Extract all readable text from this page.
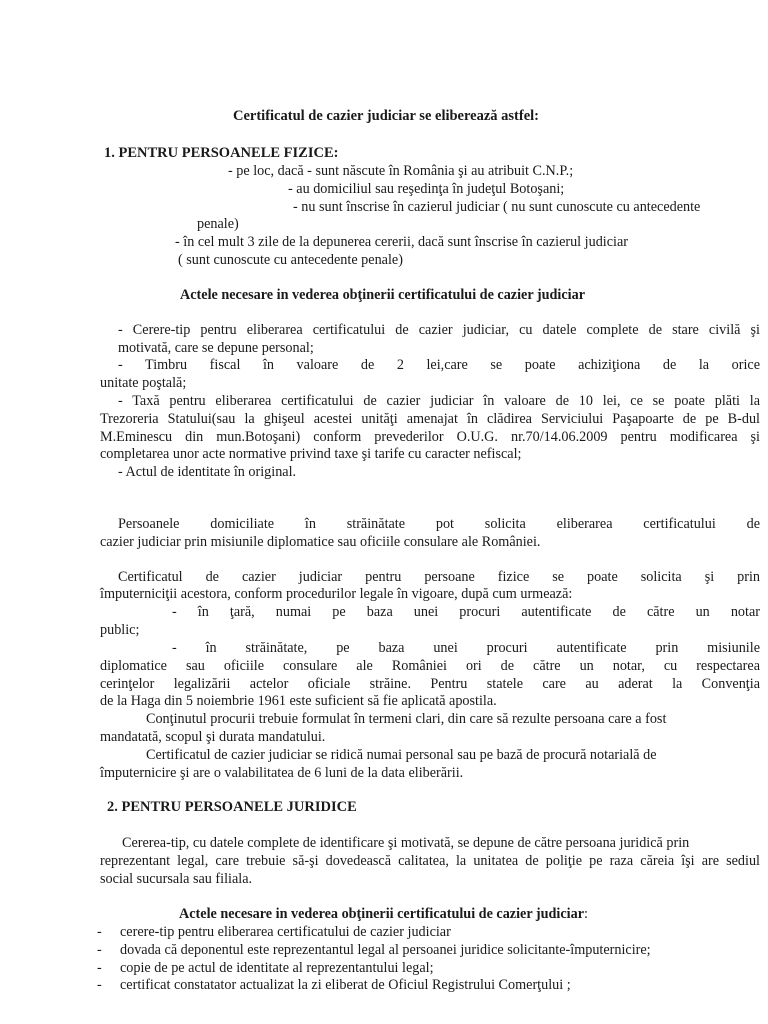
Certificatul de cazier judiciar se eliberează astfel:
1. PENTRU PERSOANELE FIZICE:
- pe loc, dacă - sunt născute în România şi au atribuit C.N.P.;
- au domiciliul sau reşedinţa în judeţul Botoşani;
- nu sunt înscrise în cazierul judiciar ( nu sunt cunoscute cu antecedente
penale)
- în cel mult 3 zile de la depunerea cererii, dacă sunt înscrise în cazierul judiciar
( sunt cunoscute cu antecedente penale)
Actele necesare in vederea obţinerii certificatului de cazier judiciar
- Cerere-tip pentru eliberarea certificatului de cazier judiciar, cu datele complete de stare civilă şi
motivată, care se depune personal;
- Timbru fiscal în valoare de 2 lei,care se poate achiziţiona de la orice
unitate poştală;
- Taxă pentru eliberarea certificatului de cazier judiciar în valoare de 10 lei, ce se poate plăti la
Trezoreria Statului(sau la ghişeul acestei unităţi amenajat în clădirea Serviciului Paşapoarte de pe B-dul
M.Eminescu din mun.Botoşani) conform prevederilor O.U.G. nr.70/14.06.2009 pentru modificarea şi
completarea unor acte normative privind taxe şi tarife cu caracter nefiscal;
- Actul de identitate în original.
Persoanele domiciliate în străinătate pot solicita eliberarea certificatului de
cazier judiciar prin misiunile diplomatice sau oficiile consulare ale României.
Certificatul de cazier judiciar pentru persoane fizice se poate solicita şi prin
împuterniciţii acestora, conform procedurilor legale în vigoare, după cum urmează:
- în ţară, numai pe baza unei procuri autentificate de către un notar
public;
- în străinătate, pe baza unei procuri autentificate prin misiunile
diplomatice sau oficiile consulare ale României ori de către un notar, cu respectarea
cerinţelor legalizării actelor oficiale străine. Pentru statele care au aderat la Convenţia
de la Haga din 5 noiembrie 1961 este suficient să fie aplicată apostila.
Conţinutul procurii trebuie formulat în termeni clari, din care să rezulte persoana care a fost
mandatată, scopul şi durata mandatului.
Certificatul de cazier judiciar se ridică numai personal sau pe bază de procură notarială de
împuternicire şi are o valabilitatea de 6 luni de la data eliberării.
2. PENTRU PERSOANELE JURIDICE
Cererea-tip, cu datele complete de identificare şi motivată, se depune de către persoana juridică prin
reprezentant legal, care trebuie să-şi dovedească calitatea, la unitatea de poliţie pe raza căreia îşi are sediul
social sucursala sau filiala.
Actele necesare in vederea obţinerii certificatului de cazier judiciar:
- cerere-tip pentru eliberarea certificatului de cazier judiciar
- dovada că deponentul este reprezentantul legal al persoanei juridice solicitante-împuternicire;
- copie de pe actul de identitate al reprezentantului legal;
- certificat constatator actualizat la zi eliberat de Oficiul Registrului Comerţului ;
